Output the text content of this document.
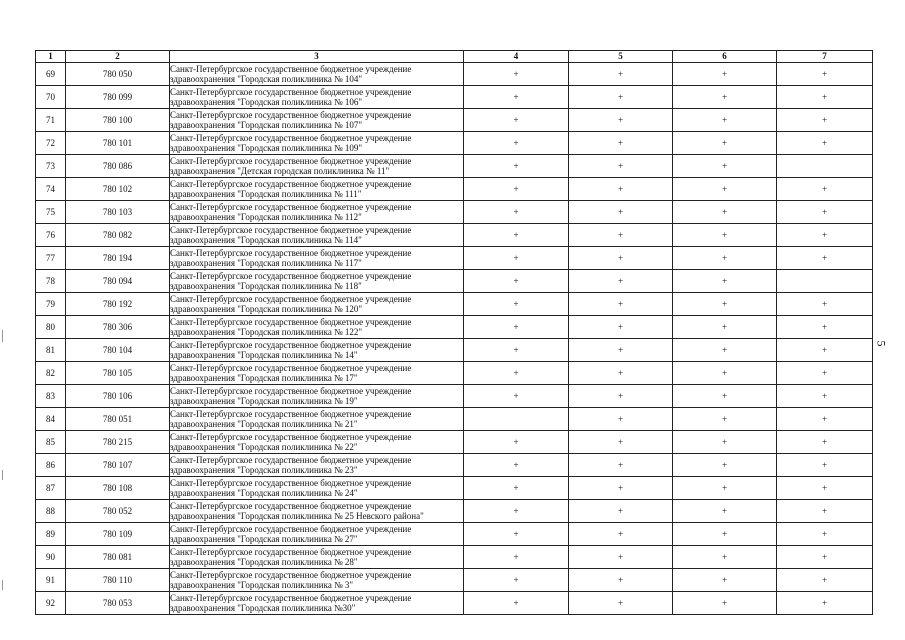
1	2	3	4	5	6	7
69	780 050	Санкт-Петербургское государственное бюджетное учреждение
здравоохранения "Городская поликлиника № 104"	+	+	+	+
70	780 099	Санкт-Петербургское государственное бюджетное учреждение
здравоохранения "Городская поликлиника № 106"	+	+	+	+
71	780 100	Санкт-Петербургское государственное бюджетное учреждение
здравоохранения "Городская поликлиника № 107"	+	+	+	+
72	780 101	Санкт-Петербургское государственное бюджетное учреждение
здравоохранения "Городская поликлиника № 109"	+	+	+	+
73	780 086	Санкт-Петербургское государственное бюджетное учреждение
здравоохранения "Детская городская поликлиника № 11"	+	+	+	
74	780 102	Санкт-Петербургское государственное бюджетное учреждение
здравоохранения "Городская поликлиника № 111"	+	+	+	+
75	780 103	Санкт-Петербургское государственное бюджетное учреждение
здравоохранения "Городская поликлиника № 112"	+	+	+	+
76	780 082	Санкт-Петербургское государственное бюджетное учреждение
здравоохранения "Городская поликлиника № 114"	+	+	+	+
77	780 194	Санкт-Петербургское государственное бюджетное учреждение
здравоохранения "Городская поликлиника № 117"	+	+	+	+
78	780 094	Санкт-Петербургское государственное бюджетное учреждение
здравоохранения "Городская поликлиника № 118"	+	+	+	
79	780 192	Санкт-Петербургское государственное бюджетное учреждение
здравоохранения "Городская поликлиника № 120"	+	+	+	+
80	780 306	Санкт-Петербургское государственное бюджетное учреждение
здравоохранения "Городская поликлиника № 122"	+	+	+	+
81	780 104	Санкт-Петербургское государственное бюджетное учреждение
здравоохранения "Городская поликлиника № 14"	+	+	+	+
82	780 105	Санкт-Петербургское государственное бюджетное учреждение
здравоохранения "Городская поликлиника № 17"	+	+	+	+
83	780 106	Санкт-Петербургское государственное бюджетное учреждение
здравоохранения "Городская поликлиника № 19"	+	+	+	+
84	780 051	Санкт-Петербургское государственное бюджетное учреждение
здравоохранения "Городская поликлиника № 21"		+	+	+
85	780 215	Санкт-Петербургское государственное бюджетное учреждение
здравоохранения "Городская поликлиника № 22"	+	+	+	+
86	780 107	Санкт-Петербургское государственное бюджетное учреждение
здравоохранения "Городская поликлиника № 23"	+	+	+	+
87	780 108	Санкт-Петербургское государственное бюджетное учреждение
здравоохранения "Городская поликлиника № 24"	+	+	+	+
88	780 052	Санкт-Петербургское государственное бюджетное учреждение
здравоохранения "Городская поликлиника № 25 Невского района"	+	+	+	+
89	780 109	Санкт-Петербургское государственное бюджетное учреждение
здравоохранения "Городская поликлиника № 27"	+	+	+	+
90	780 081	Санкт-Петербургское государственное бюджетное учреждение
здравоохранения "Городская поликлиника № 28"	+	+	+	+
91	780 110	Санкт-Петербургское государственное бюджетное учреждение
здравоохранения "Городская поликлиника № 3"	+	+	+	+
92	780 053	Санкт-Петербургское государственное бюджетное учреждение
здравоохранения "Городская поликлиника №30"	+	+	+	+
5
